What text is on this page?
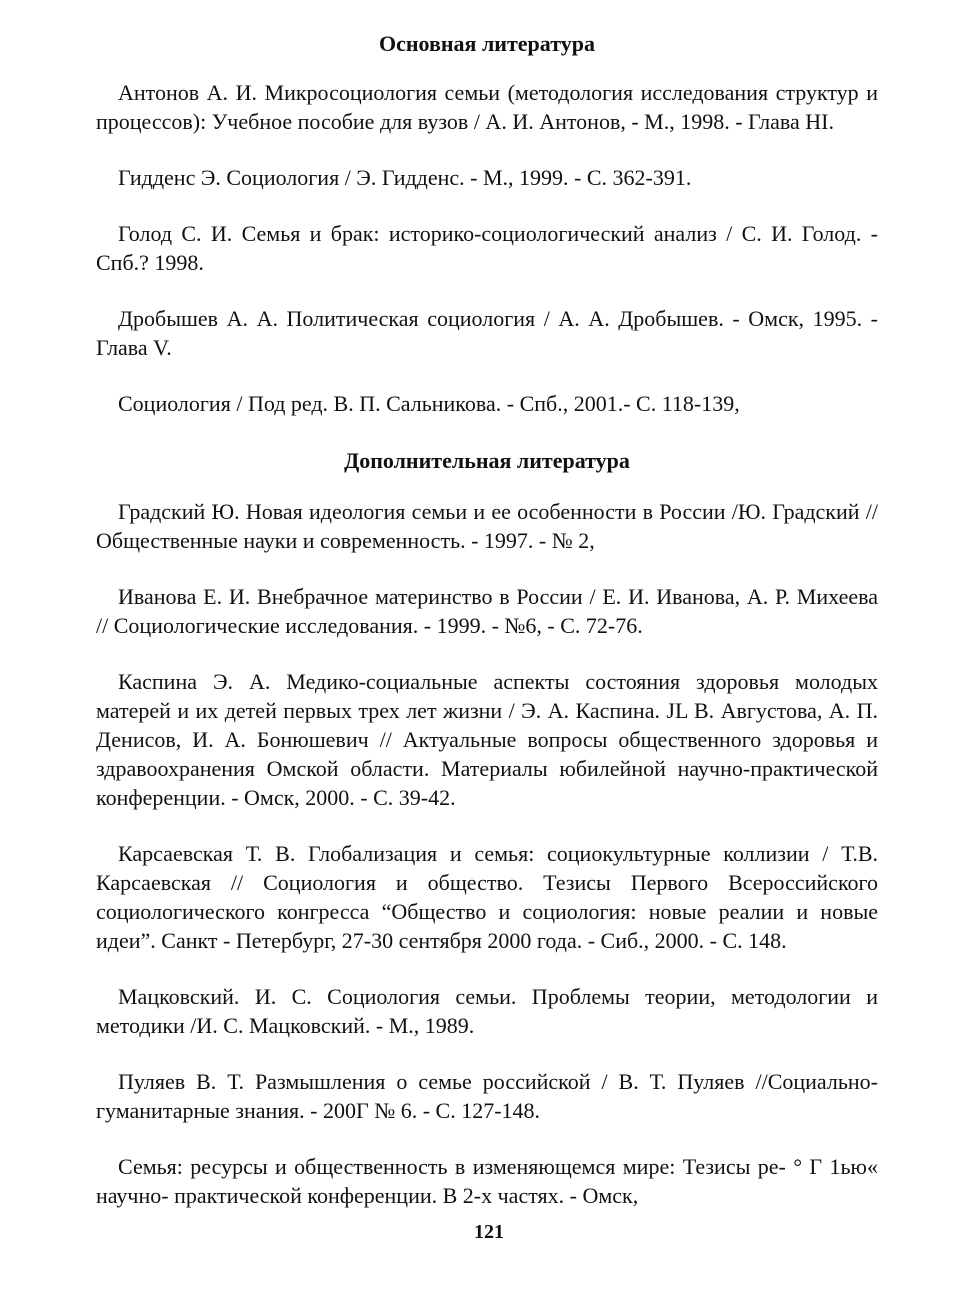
Основная литература

Антонов А. И. Микросоциология семьи (методология исследования структур и процессов): Учебное пособие для вузов / А. И. Антонов, - М., 1998. - Глава HI.

Гидденс Э. Социология / Э. Гидденс. - М., 1999. - С. 362-391.

Голод С. И. Семья и брак: историко-социологический анализ / С. И. Голод. - Спб.? 1998.

Дробышев А. А. Политическая социология / А. А. Дробышев. - Омск, 1995. - Глава V.

Социология / Под ред. В. П. Сальникова. - Спб., 2001.- С. 118-139,

Дополнительная литература

Градский Ю. Новая идеология семьи и ее особенности в России /Ю. Градский // Общественные науки и современность. - 1997. - № 2,

Иванова Е. И. Внебрачное материнство в России / Е. И. Иванова, А. Р. Михеева // Социологические исследования. - 1999. - №6, - С. 72-76.

Каспина Э. А. Медико-социальные аспекты состояния здоровья молодых матерей и их детей первых трех лет жизни / Э. А. Каспина. JL В. Августова, А. П. Денисов, И. А. Бонюшевич // Актуальные вопросы общественного здоровья и здравоохранения Омской области. Материалы юбилейной научно-практической конференции. - Омск, 2000. - С. 39-42.

Карсаевская Т. В. Глобализация и семья: социокультурные коллизии / Т.В. Карсаевская // Социология и общество. Тезисы Первого Всероссийского социологического конгресса “Общество и социология: новые реалии и новые идеи”. Санкт - Петербург, 27-30 сентября 2000 года. - Сиб., 2000. - С. 148.

Мацковский. И. С. Социология семьи. Проблемы теории, методологии и методики /И. С. Мацковский. - М., 1989.

Пуляев В. Т. Размышления о семье российской / В. Т. Пуляев //Социально-гуманитарные знания. - 200Г № 6. - С. 127-148.

Семья: ресурсы и общественность в изменяющемся мире: Тезисы ре- ° Г 1ью« научно- практической конференции. В 2-х частях. - Омск,

121
